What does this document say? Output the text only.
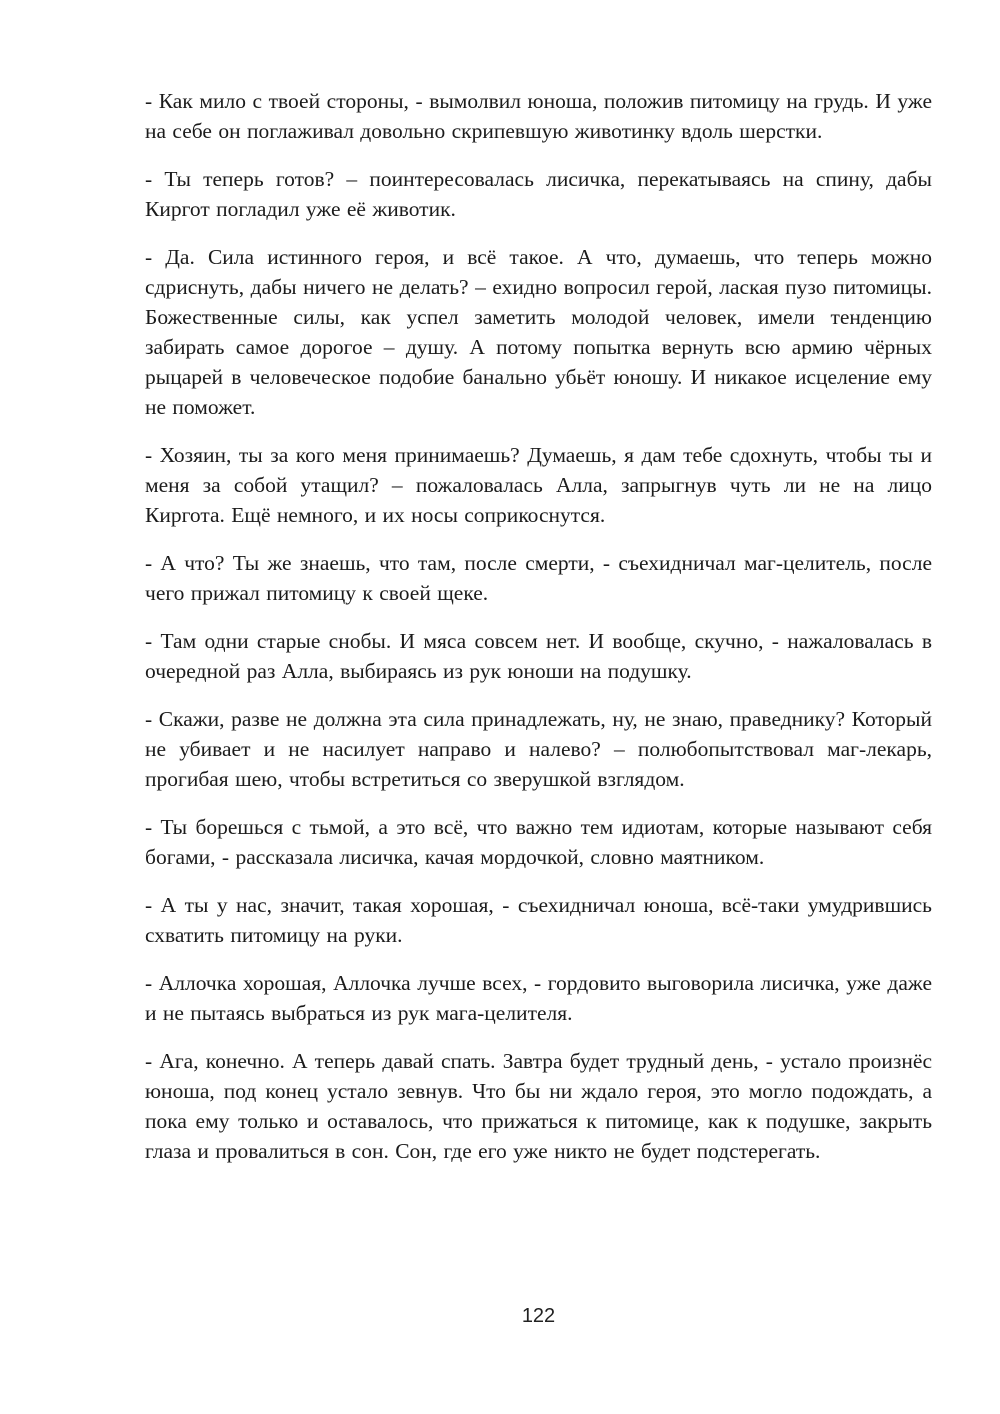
- Как мило с твоей стороны, - вымолвил юноша, положив питомицу на грудь. И уже на себе он поглаживал довольно скрипевшую животинку вдоль шерстки.

- Ты теперь готов? – поинтересовалась лисичка, перекатываясь на спину, дабы Киргот погладил уже её животик.

- Да. Сила истинного героя, и всё такое. А что, думаешь, что теперь можно сдриснуть, дабы ничего не делать? – ехидно вопросил герой, лаская пузо питомицы. Божественные силы, как успел заметить молодой человек, имели тенденцию забирать самое дорогое – душу. А потому попытка вернуть всю армию чёрных рыцарей в человеческое подобие банально убьёт юношу. И никакое исцеление ему не поможет.

- Хозяин, ты за кого меня принимаешь? Думаешь, я дам тебе сдохнуть, чтобы ты и меня за собой утащил? – пожаловалась Алла, запрыгнув чуть ли не на лицо Киргота. Ещё немного, и их носы соприкоснутся.

- А что? Ты же знаешь, что там, после смерти, - съехидничал маг-целитель, после чего прижал питомицу к своей щеке.

- Там одни старые снобы. И мяса совсем нет. И вообще, скучно, - нажаловалась в очередной раз Алла, выбираясь из рук юноши на подушку.

- Скажи, разве не должна эта сила принадлежать, ну, не знаю, праведнику? Который не убивает и не насилует направо и налево? – полюбопытствовал маг-лекарь, прогибая шею, чтобы встретиться со зверушкой взглядом.

- Ты борешься с тьмой, а это всё, что важно тем идиотам, которые называют себя богами, - рассказала лисичка, качая мордочкой, словно маятником.

- А ты у нас, значит, такая хорошая, - съехидничал юноша, всё-таки умудрившись схватить питомицу на руки.

- Аллочка хорошая, Аллочка лучше всех, - гордовито выговорила лисичка, уже даже и не пытаясь выбраться из рук мага-целителя.

- Ага, конечно. А теперь давай спать. Завтра будет трудный день, - устало произнёс юноша, под конец устало зевнув. Что бы ни ждало героя, это могло подождать, а пока ему только и оставалось, что прижаться к питомице, как к подушке, закрыть глаза и провалиться в сон. Сон, где его уже никто не будет подстерегать.

122
